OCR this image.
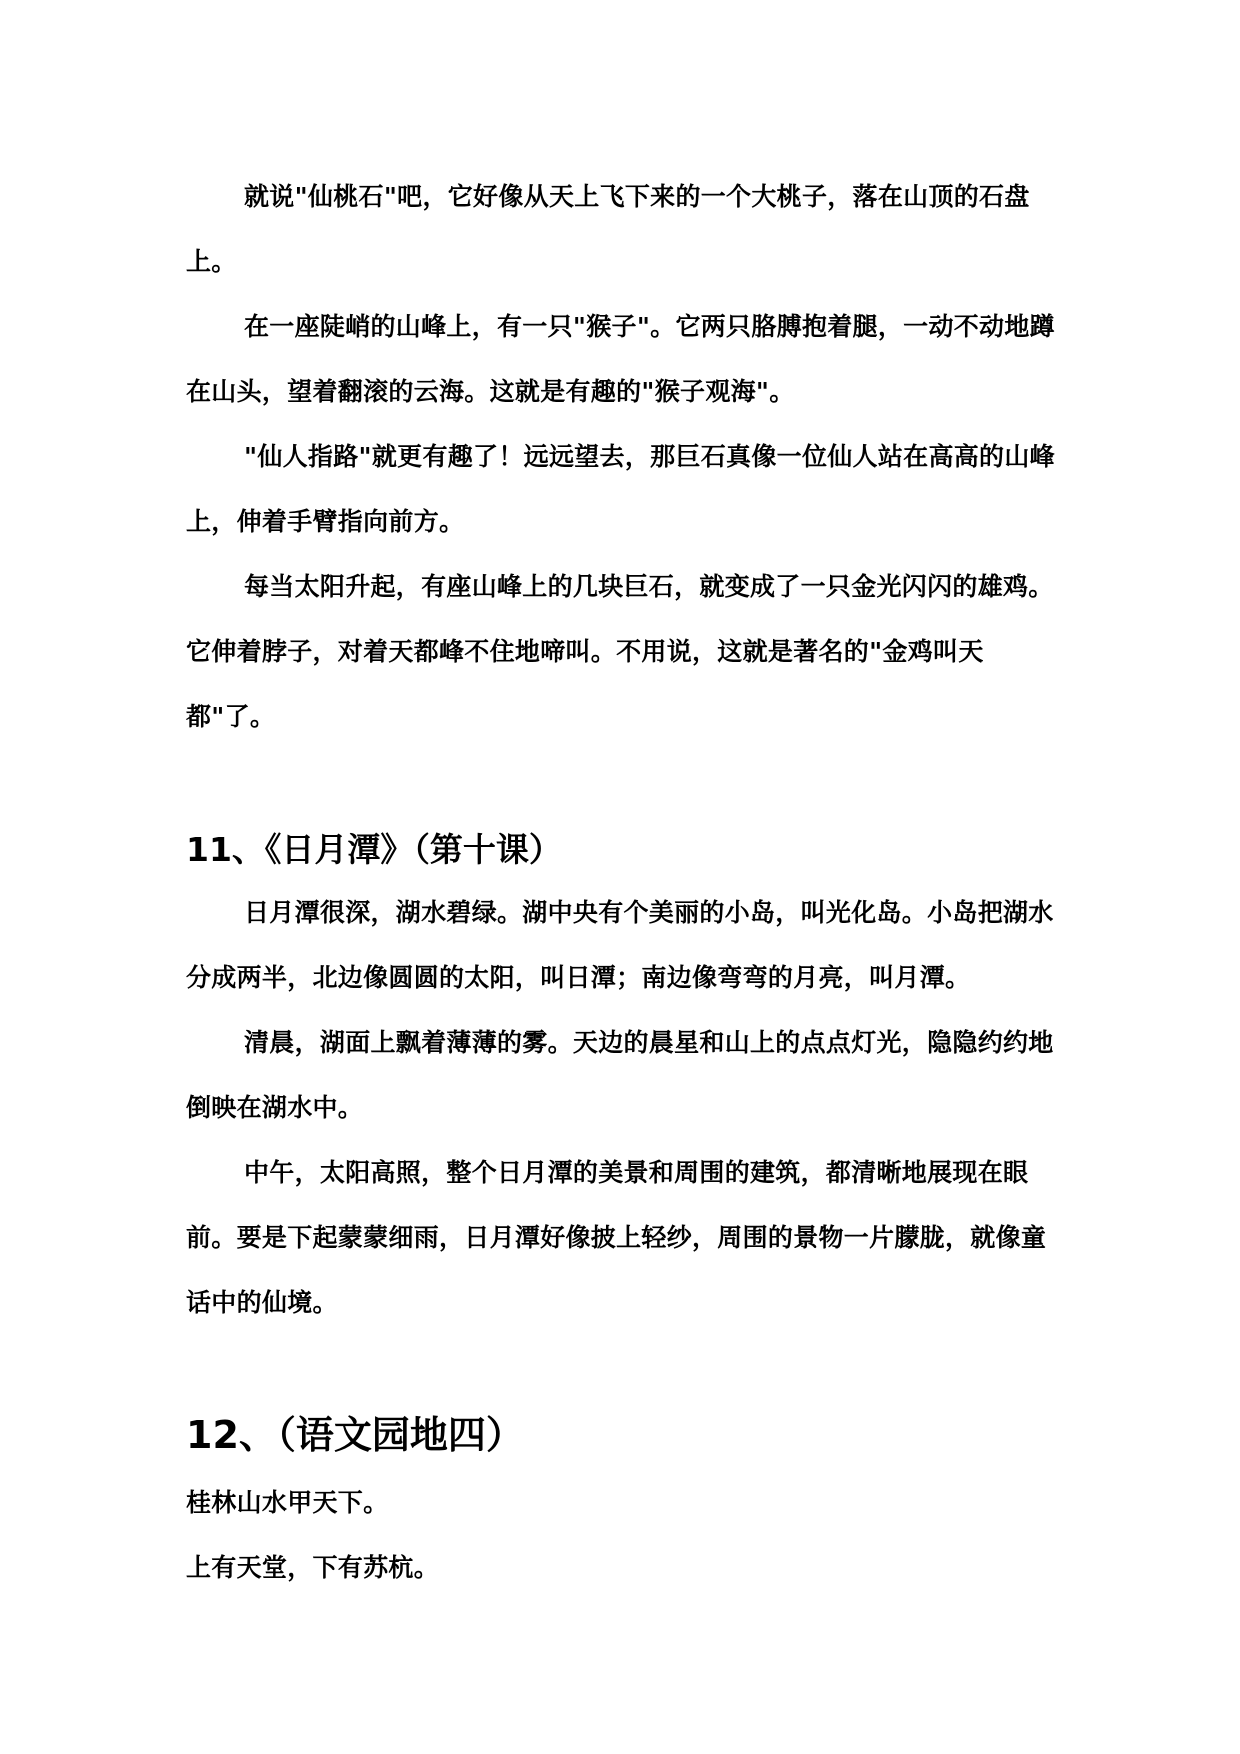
就说"仙桃石"吧，它好像从天上飞下来的一个大桃子，落在山顶的石盘上。

在一座陡峭的山峰上，有一只"猴子"。它两只胳膊抱着腿，一动不动地蹲在山头，望着翻滚的云海。这就是有趣的"猴子观海"。

"仙人指路"就更有趣了！远远望去，那巨石真像一位仙人站在高高的山峰上，伸着手臂指向前方。

每当太阳升起，有座山峰上的几块巨石，就变成了一只金光闪闪的雄鸡。它伸着脖子，对着天都峰不住地啼叫。不用说，这就是著名的"金鸡叫天都"了。

11、《日月潭》（第十课）

日月潭很深，湖水碧绿。湖中央有个美丽的小岛，叫光化岛。小岛把湖水分成两半，北边像圆圆的太阳，叫日潭；南边像弯弯的月亮，叫月潭。

清晨，湖面上飘着薄薄的雾。天边的晨星和山上的点点灯光，隐隐约约地倒映在湖水中。

中午，太阳高照，整个日月潭的美景和周围的建筑，都清晰地展现在眼前。要是下起蒙蒙细雨，日月潭好像披上轻纱，周围的景物一片朦胧，就像童话中的仙境。

12、（语文园地四）

桂林山水甲天下。

上有天堂，下有苏杭。
